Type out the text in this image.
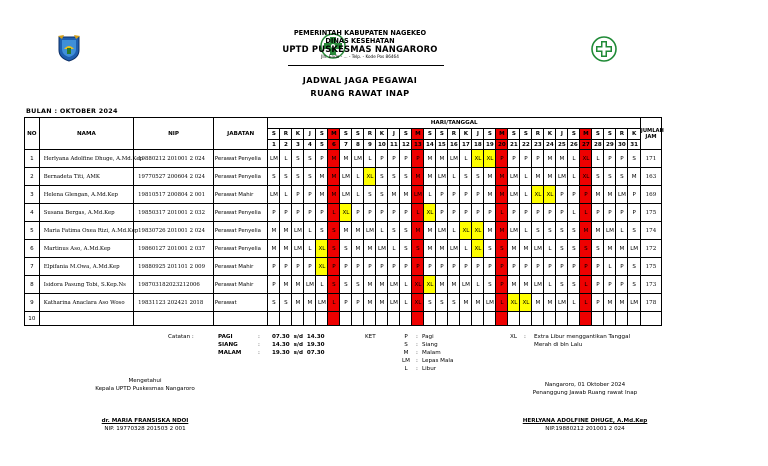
PEMERINTAH KABUPATEN NAGEKEO
DINAS KESEHATAN
UPTD PUSKESMAS NANGARORO
Jln. Ende - ... - Telp. - Kode Pos 86464
JADWAL JAGA PEGAWAI
RUANG RAWAT INAP
BULAN : OKTOBER 2024
NO	NAMA	NIP	JABATAN	HARI/TANGGAL																															JUMLAH JAM
				S	R	K	J	S	M	S	S	R	K	J	S	M	S	S	R	K	J	S	M	S	S	R	K	J	S	M	S	S	R	K	
				1	2	3	4	5	6	7	8	9	10	11	12	13	14	15	16	17	18	19	20	21	22	23	24	25	26	27	28	29	30	31	
1	Herlyana Adolfine Dhuge, A.Md.Kep	19880212 201001 2 024	Perawat Penyelia	LM	L	S	S	P	M	M	LM	L	P	P	P	P	M	M	LM	L	XL	XL	P	P	P	P	M	M	L	XL	L	P	P	S	171
2	Bernadeta Titi, AMK	19770527 200604 2 024	Perawat Penyelia	S	S	S	S	M	M	LM	L	XL	S	S	S	M	M	LM	L	S	S	M	M	LM	L	M	M	LM	L	XL	S	S	S	M	163
3	Helena Glengan, A.Md.Kep	19810517 200804 2 001	Perawat Mahir	LM	L	P	P	M	M	LM	L	S	S	M	M	LM	L	P	P	P	P	M	M	LM	L	XL	XL	P	P	P	M	M	LM	P	169
4	Susana Bergas, A.Md.Kep	19850317 201001 2 032	Perawat Penyelia	P	P	P	P	P	L	XL	P	P	P	P	P	L	XL	P	P	P	P	P	L	P	P	P	P	P	L	L	P	P	P	P	175
5	Maria Fatima Oxea Rizi, A.Md.Kep	19830726 201001 2 024	Perawat Penyelia	M	M	LM	L	S	S	M	M	LM	L	S	S	M	M	LM	L	XL	XL	M	M	LM	L	S	S	S	S	M	M	LM	L	S	174
6	Martinus Aso, A.Md.Kep	19860127 201001 2 037	Perawat Penyelia	M	M	LM	L	XL	S	S	M	M	LM	L	S	S	M	M	LM	L	XL	S	S	M	M	LM	L	S	S	S	S	M	M	LM	172
7	Elpifania M.Owa, A.Md.Kep	19880925 201101 2 009	Perawat Mahir	P	P	P	P	XL	P	P	P	P	P	P	P	P	P	P	P	P	P	P	P	P	P	P	P	P	P	P	P	L	P	S	175
8	Isidora Pasung Tobi, S.Kep.Ns	198703182023212006	Perawat Mahir	P	M	M	LM	L	S	S	S	M	M	LM	L	XL	XL	M	M	LM	L	S	P	M	M	LM	L	S	S	L	P	P	P	S	173
9	Katharina Anaclara Aso Woso	19831123 202421 2018	Perawat	S	S	M	M	LM	L	P	P	M	M	LM	L	XL	S	S	S	M	M	LM	L	XL	XL	M	M	LM	L	L	P	M	M	LM	178
10																																			
Catatan :	PAGI	: 07.30  s/d  14.30
SIANG	: 14.30  s/d  19.30
MALAM	: 19.30  s/d  07.30
KET	P : Pagi
S : Siang
M : Malam
LM : Lepas Mala
L : Libur
XL : Extra Libur menggantikan Tanggal
Merah di bln Lalu
Mengetahui
Kepala UPTD Puskesmas Nangaroro
dr. MARIA FRANSISKA NDOI
NIP. 19770328 201503 2 001
Nangaroro, 01 Oktober 2024
Penanggung Jawab Ruang rawat Inap
HERLYANA ADOLFINE DHUGE, A.Md.Kep
NIP.19880212 201001 2 024
